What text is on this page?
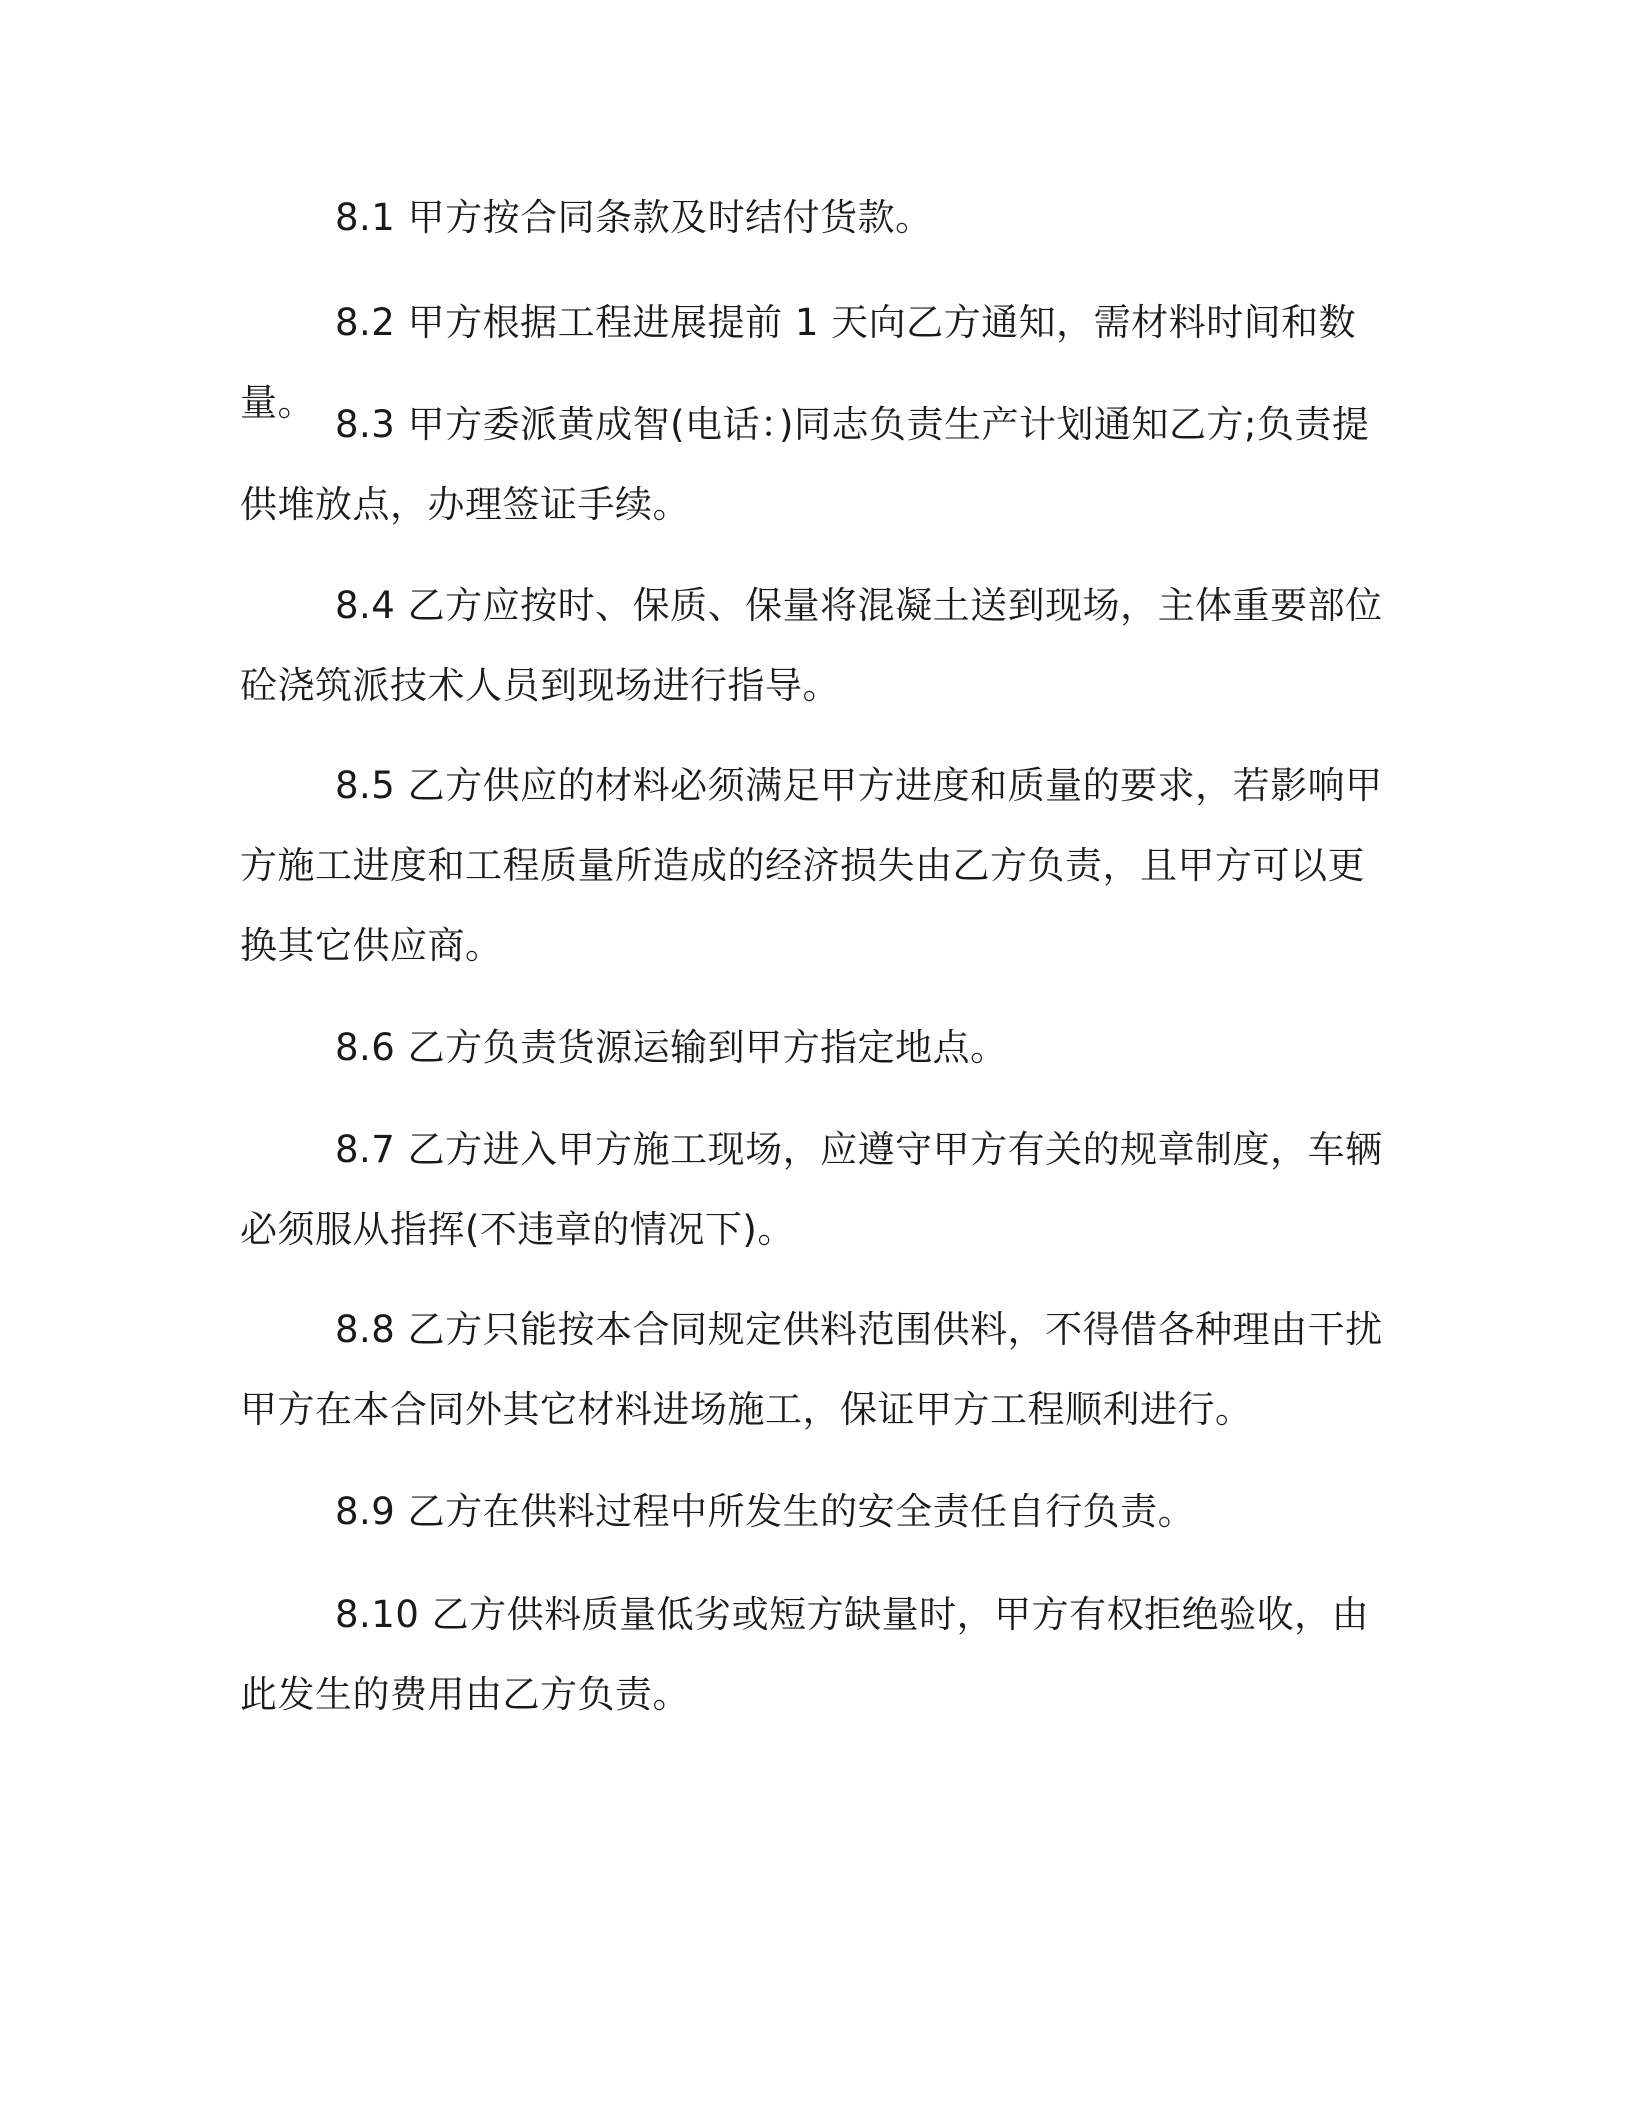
8.1 甲方按合同条款及时结付货款。

8.2 甲方根据工程进展提前 1 天向乙方通知，需材料时间和数量。

8.3 甲方委派黄成智(电话：)同志负责生产计划通知乙方;负责提供堆放点，办理签证手续。

8.4 乙方应按时、保质、保量将混凝土送到现场，主体重要部位砼浇筑派技术人员到现场进行指导。

8.5 乙方供应的材料必须满足甲方进度和质量的要求，若影响甲方施工进度和工程质量所造成的经济损失由乙方负责，且甲方可以更换其它供应商。

8.6 乙方负责货源运输到甲方指定地点。

8.7 乙方进入甲方施工现场，应遵守甲方有关的规章制度，车辆必须服从指挥(不违章的情况下)。

8.8 乙方只能按本合同规定供料范围供料，不得借各种理由干扰甲方在本合同外其它材料进场施工，保证甲方工程顺利进行。

8.9 乙方在供料过程中所发生的安全责任自行负责。

8.10 乙方供料质量低劣或短方缺量时，甲方有权拒绝验收，由此发生的费用由乙方负责。
